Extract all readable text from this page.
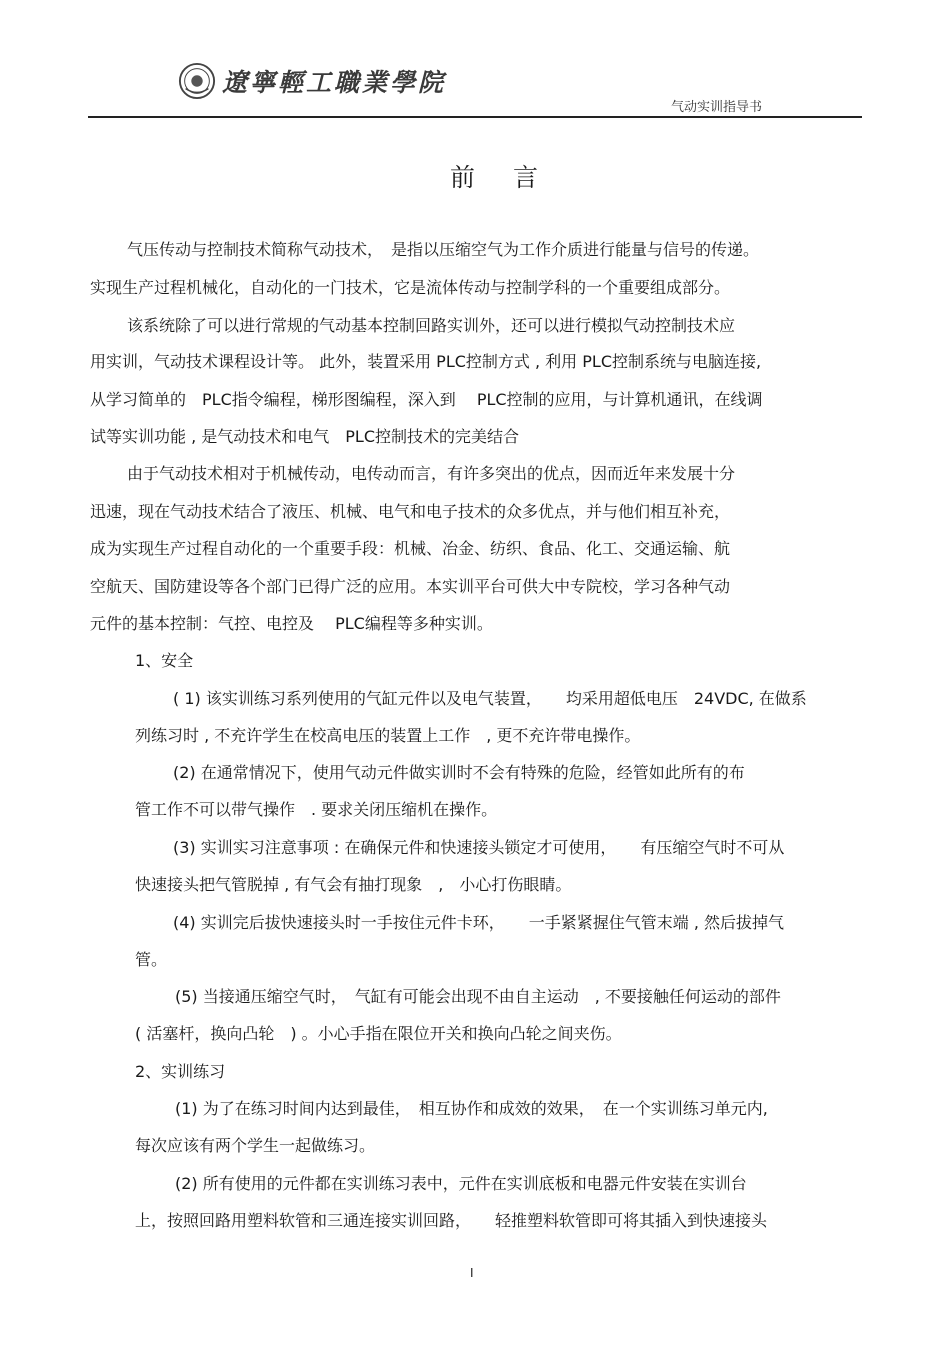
遼寧輕工職業學院
气动实训指导书
前言
气压传动与控制技术简称气动技术，　是指以压缩空气为工作介质进行能量与信号的传递。
实现生产过程机械化，自动化的一门技术，它是流体传动与控制学科的一个重要组成部分。
该系统除了可以进行常规的气动基本控制回路实训外，还可以进行模拟气动控制技术应
用实训，气动技术课程设计等。 此外，装置采用 PLC控制方式 , 利用 PLC控制系统与电脑连接,
从学习简单的　PLC指令编程，梯形图编程，深入到　 PLC控制的应用，与计算机通讯，在线调
试等实训功能 , 是气动技术和电气　PLC控制技术的完美结合
由于气动技术相对于机械传动，电传动而言，有许多突出的优点，因而近年来发展十分
迅速，现在气动技术结合了液压、机械、电气和电子技术的众多优点，并与他们相互补充，
成为实现生产过程自动化的一个重要手段：机械、冶金、纺织、食品、化工、交通运输、航
空航天、国防建设等各个部门已得广泛的应用。本实训平台可供大中专院校，学习各种气动
元件的基本控制：气控、电控及　 PLC编程等多种实训。
1、安全
( 1) 该实训练习系列使用的气缸元件以及电气装置，　　均采用超低电压　24VDC, 在做系
列练习时 , 不充许学生在校高电压的装置上工作　, 更不充许带电操作。
(2) 在通常情况下，使用气动元件做实训时不会有特殊的危险，经管如此所有的布
管工作不可以带气操作　. 要求关闭压缩机在操作。
(3) 实训实习注意事项 : 在确保元件和快速接头锁定才可使用，　　有压缩空气时不可从
快速接头把气管脱掉 , 有气会有抽打现象　,　小心打伤眼睛。
(4) 实训完后拔快速接头时一手按住元件卡环，　　一手紧紧握住气管末端 , 然后拔掉气
管。
(5) 当接通压缩空气时，　气缸有可能会出现不由自主运动　, 不要接触任何运动的部件
( 活塞杆，换向凸轮　) 。小心手指在限位开关和换向凸轮之间夹伤。
2、实训练习
(1) 为了在练习时间内达到最佳，　相互协作和成效的效果，　在一个实训练习单元内,
每次应该有两个学生一起做练习。
(2) 所有使用的元件都在实训练习表中，元件在实训底板和电器元件安装在实训台
上，按照回路用塑料软管和三通连接实训回路，　　轻推塑料软管即可将其插入到快速接头
I
